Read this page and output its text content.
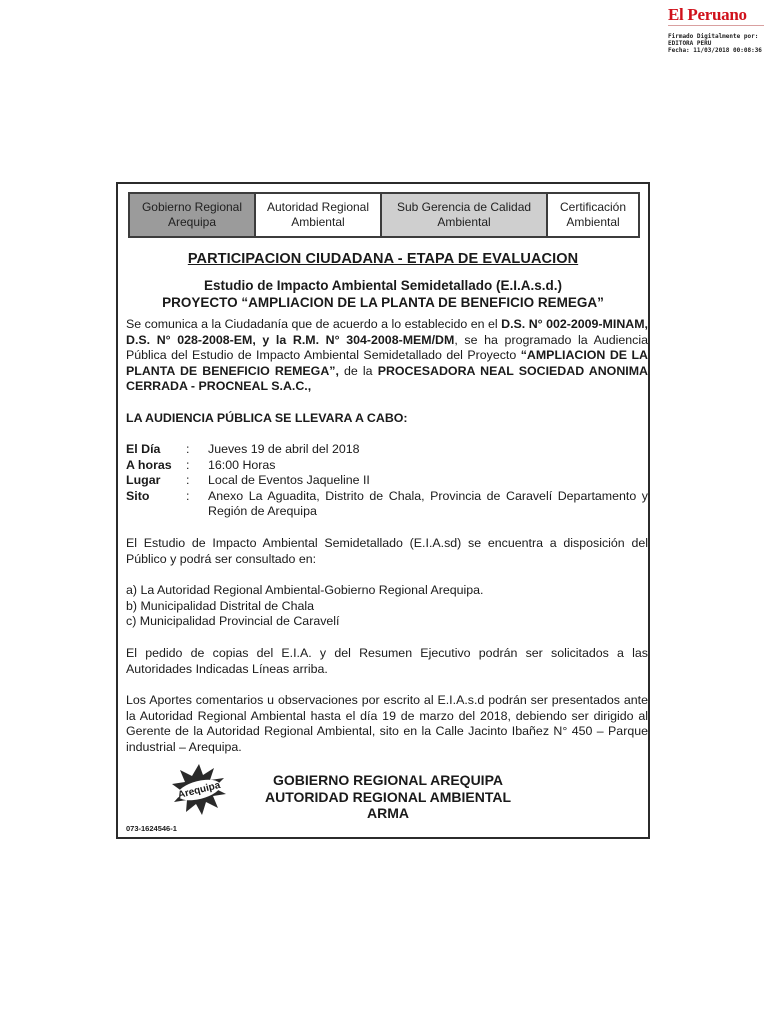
El Peruano
Firmado Digitalmente por:
EDITORA PERU
Fecha: 11/03/2018 00:08:36
Gobierno Regional
Arequipa
Autoridad Regional
Ambiental
Sub Gerencia de Calidad
Ambiental
Certificación
Ambiental
PARTICIPACION CIUDADANA - ETAPA DE EVALUACION
Estudio de Impacto Ambiental Semidetallado (E.I.A.s.d.)
PROYECTO “AMPLIACION DE LA PLANTA DE BENEFICIO REMEGA”
Se comunica a la Ciudadanía que de acuerdo a lo establecido en el D.S. N° 002-2009-MINAM, D.S. N° 028-2008-EM, y la R.M. N° 304-2008-MEM/DM, se ha programado la Audiencia Pública del Estudio de Impacto Ambiental Semidetallado del Proyecto “AMPLIACION DE LA PLANTA DE BENEFICIO REMEGA”, de la PROCESADORA NEAL SOCIEDAD ANONIMA CERRADA - PROCNEAL S.A.C.,
LA AUDIENCIA PÚBLICA SE LLEVARA A CABO:
El Día	:	Jueves 19 de abril del 2018
A horas	:	16:00 Horas
Lugar	:	Local de Eventos Jaqueline II
Sito	:	Anexo La Aguadita, Distrito de Chala, Provincia de Caravelí Departamento y Región de Arequipa
El Estudio de Impacto Ambiental Semidetallado (E.I.A.sd) se encuentra a disposición del Público y podrá ser consultado en:
a) La Autoridad Regional Ambiental-Gobierno Regional Arequipa.
b) Municipalidad Distrital de Chala
c) Municipalidad Provincial de Caravelí
El pedido de copias del E.I.A. y del Resumen Ejecutivo podrán ser solicitados a las Autoridades Indicadas Líneas arriba.
Los Aportes comentarios u observaciones por escrito al E.I.A.s.d podrán ser presentados ante la Autoridad Regional Ambiental hasta el día 19 de marzo del 2018, debiendo ser dirigido al Gerente de la Autoridad Regional Ambiental, sito en la Calle Jacinto Ibañez N° 450 – Parque industrial – Arequipa.
Arequipa	GOBIERNO REGIONAL AREQUIPA
AUTORIDAD REGIONAL AMBIENTAL
ARMA
073-1624546-1
